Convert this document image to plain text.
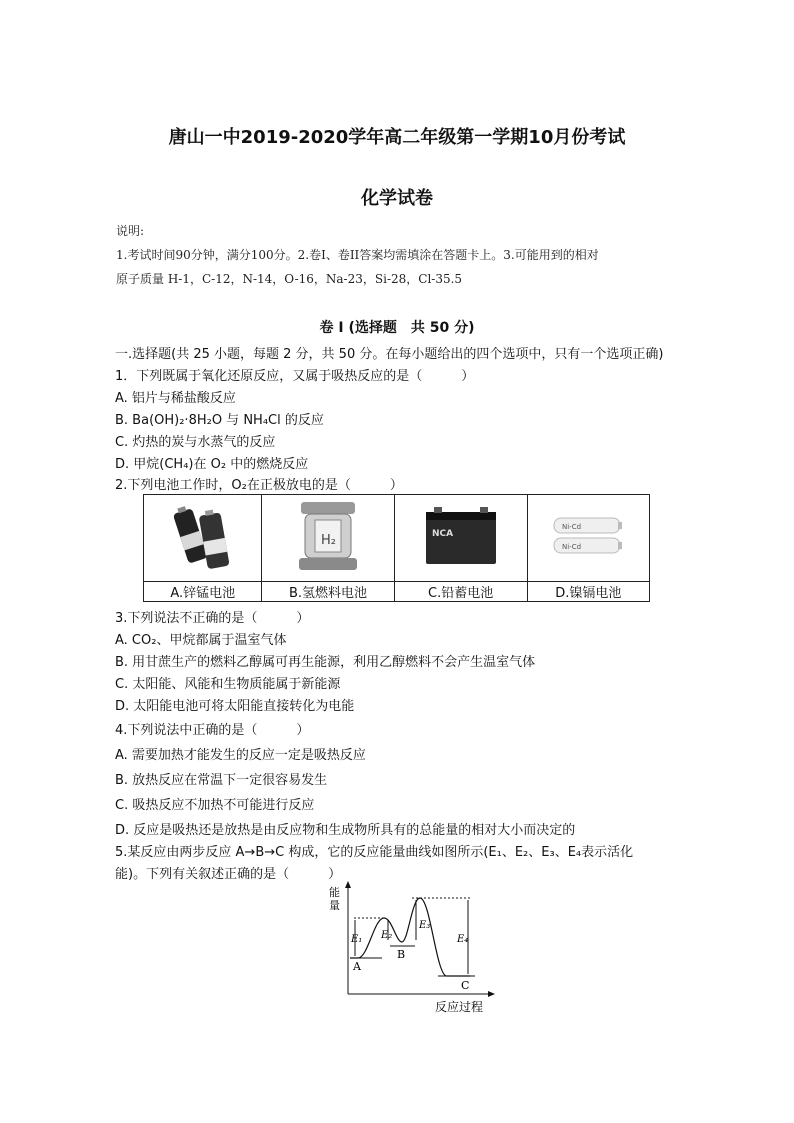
唐山一中2019-2020学年高二年级第一学期10月份考试
化学试卷
说明:
1.考试时间90分钟，满分100分。2.卷I、卷II答案均需填涂在答题卡上。3.可能用到的相对
原子质量 H-1，C-12，N-14，O-16，Na-23，Si-28，Cl-35.5
卷 I (选择题　共 50 分)
一.选择题(共 25 小题，每题 2 分，共 50 分。在每小题给出的四个选项中，只有一个选项正确)
1．下列既属于氧化还原反应，又属于吸热反应的是（　　　）
A. 铝片与稀盐酸反应
B. Ba(OH)₂·8H₂O 与 NH₄Cl 的反应
C. 灼热的炭与水蒸气的反应
D. 甲烷(CH₄)在 O₂ 中的燃烧反应
2.下列电池工作时，O₂在正极放电的是（　　　）

H₂	NCA	Ni-Cd
Ni-Cd

A.锌锰电池	B.氢燃料电池	C.铅蓄电池	D.镍镉电池
3.下列说法不正确的是（　　　）
A. CO₂、甲烷都属于温室气体
B. 用甘蔗生产的燃料乙醇属可再生能源，利用乙醇燃料不会产生温室气体
C. 太阳能、风能和生物质能属于新能源
D. 太阳能电池可将太阳能直接转化为电能
4.下列说法中正确的是（　　　）
A. 需要加热才能发生的反应一定是吸热反应
B. 放热反应在常温下一定很容易发生
C. 吸热反应不加热不可能进行反应
D. 反应是吸热还是放热是由反应物和生成物所具有的总能量的相对大小而决定的
5.某反应由两步反应 A→B→C 构成，它的反应能量曲线如图所示(E₁、E₂、E₃、E₄表示活化
能)。下列有关叙述正确的是（　　　）
能
量
反应过程
E₁ E₂
E₃
E₄
A
B
C
